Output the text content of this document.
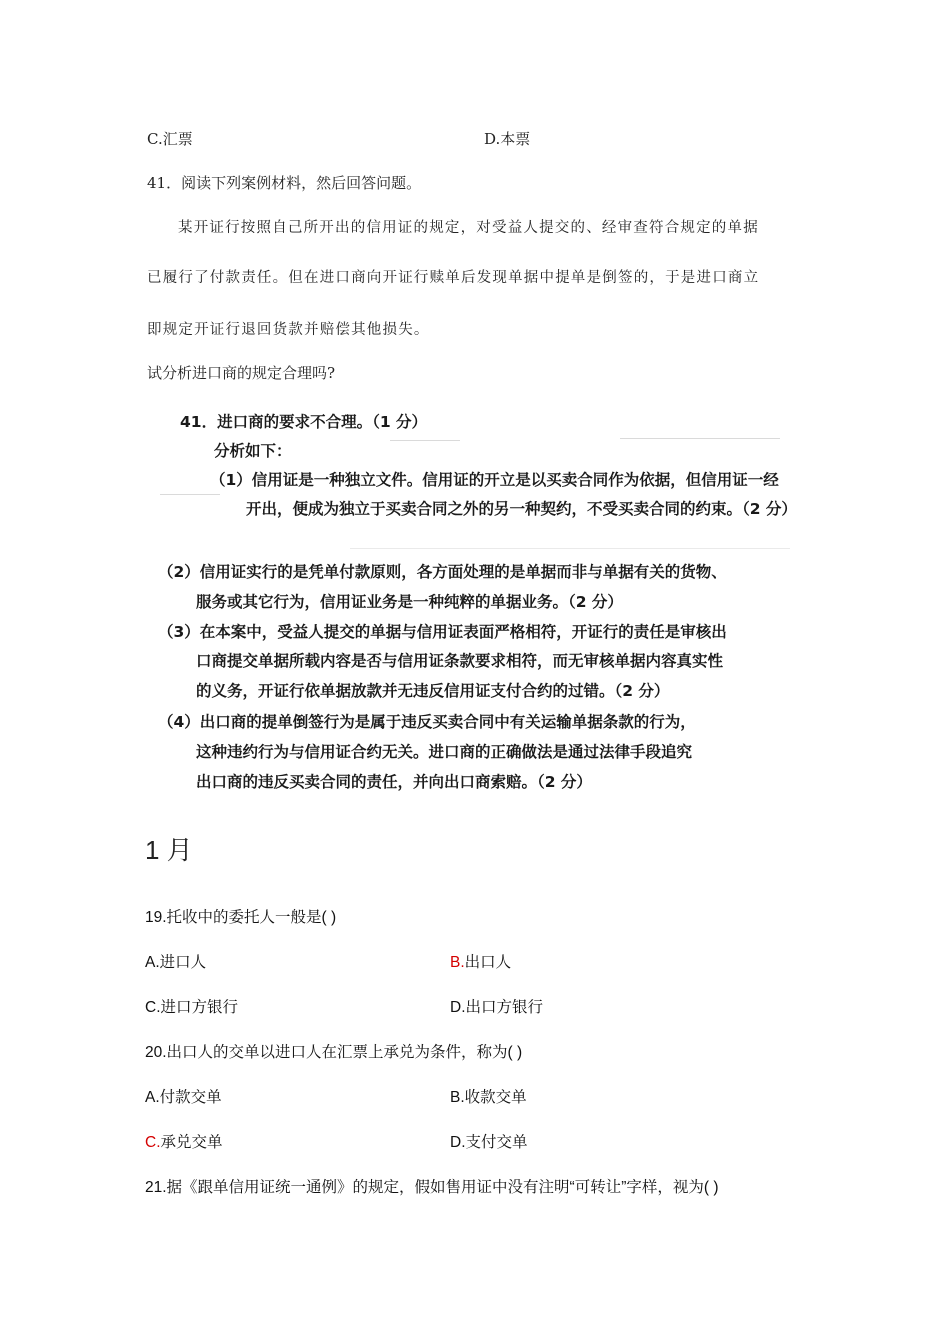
C.汇票	D.本票
41．阅读下列案例材料，然后回答问题。
某开证行按照自己所开出的信用证的规定，对受益人提交的、经审查符合规定的单据
已履行了付款责任。但在进口商向开证行赎单后发现单据中提单是倒签的，于是进口商立
即规定开证行退回货款并赔偿其他损失。
试分析进口商的规定合理吗?
41．进口商的要求不合理。（1 分）
分析如下：
（1）信用证是一种独立文件。信用证的开立是以买卖合同作为依据，但信用证一经
开出，便成为独立于买卖合同之外的另一种契约，不受买卖合同的约束。（2 分）
（2）信用证实行的是凭单付款原则，各方面处理的是单据而非与单据有关的货物、
服务或其它行为，信用证业务是一种纯粹的单据业务。（2 分）
（3）在本案中，受益人提交的单据与信用证表面严格相符，开证行的责任是审核出
口商提交单据所载内容是否与信用证条款要求相符，而无审核单据内容真实性
的义务，开证行依单据放款并无违反信用证支付合约的过错。（2 分）
（4）出口商的提单倒签行为是属于违反买卖合同中有关运输单据条款的行为，
这种违约行为与信用证合约无关。进口商的正确做法是通过法律手段追究
出口商的违反买卖合同的责任，并向出口商索赔。（2 分）
1 月
19.托收中的委托人一般是( )
A.进口人	B.出口人
C.进口方银行	D.出口方银行
20.出口人的交单以进口人在汇票上承兑为条件，称为( )
A.付款交单	B.收款交单
C.承兑交单	D.支付交单
21.据《跟单信用证统一通例》的规定，假如售用证中没有注明“可转让”字样，视为( )
